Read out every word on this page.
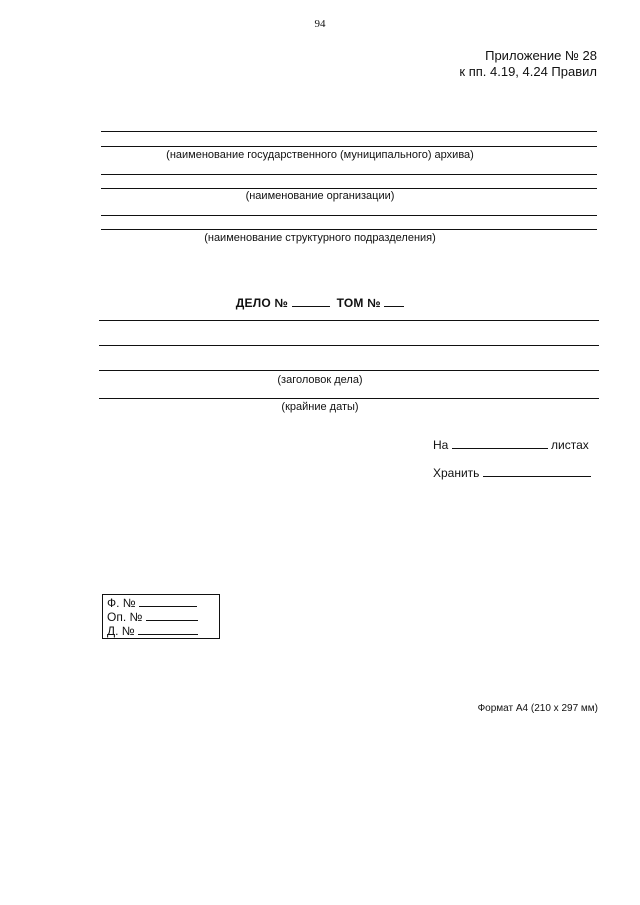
94
Приложение № 28
к пп. 4.19, 4.24 Правил
(наименование государственного (муниципального) архива)
(наименование организации)
(наименование структурного подразделения)
ДЕЛО №	ТОМ №
(заголовок дела)
(крайние даты)
На	листах
Хранить
Ф. №
Оп. №
Д. №
Формат А4 (210 х 297 мм)
